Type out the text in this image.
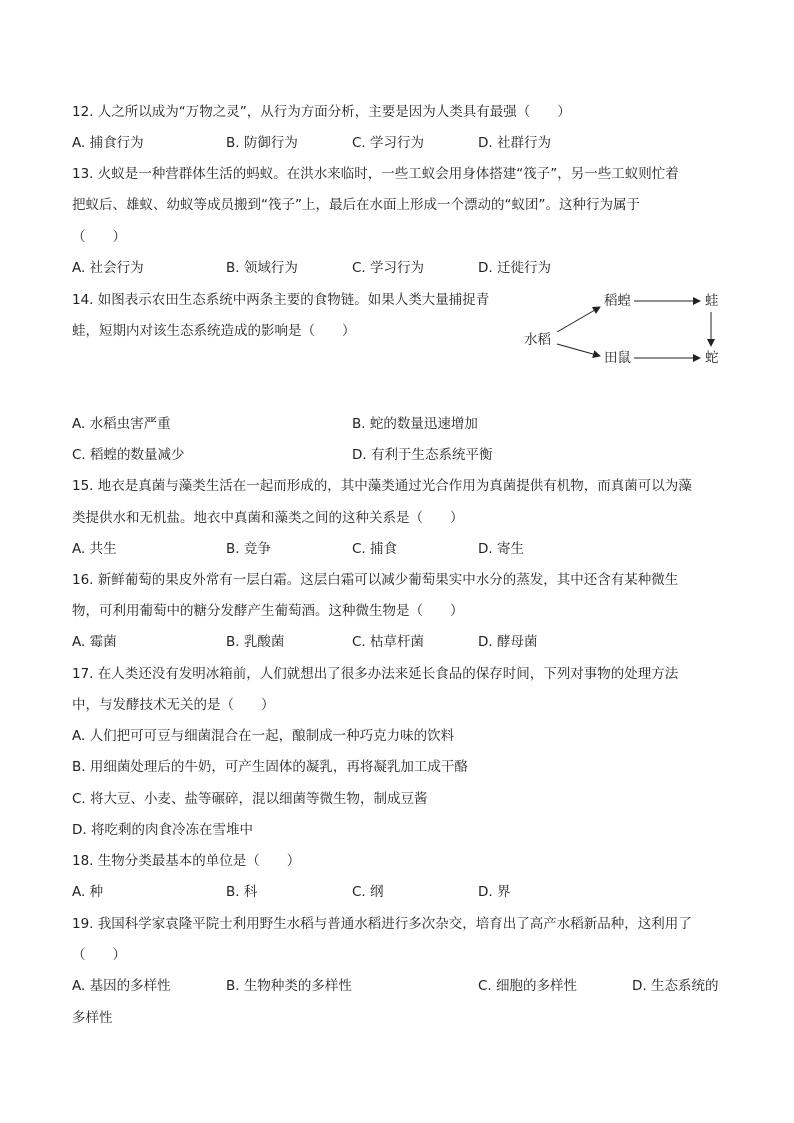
12. 人之所以成为“万物之灵”，从行为方面分析，主要是因为人类具有最强（　　）
A. 捕食行为	B. 防御行为	C. 学习行为	D. 社群行为
13. 火蚁是一种营群体生活的蚂蚁。在洪水来临时，一些工蚁会用身体搭建“筏子”，另一些工蚁则忙着
把蚁后、雄蚁、幼蚁等成员搬到“筏子”上，最后在水面上形成一个漂动的“蚁团”。这种行为属于
（　　）
A. 社会行为	B. 领域行为	C. 学习行为	D. 迁徙行为
14. 如图表示农田生态系统中两条主要的食物链。如果人类大量捕捉青
蛙，短期内对该生态系统造成的影响是（　　）
水稻
稻蝗	蛙
田鼠	蛇
A. 水稻虫害严重	B. 蛇的数量迅速增加
C. 稻蝗的数量减少	D. 有利于生态系统平衡
15. 地衣是真菌与藻类生活在一起而形成的，其中藻类通过光合作用为真菌提供有机物，而真菌可以为藻
类提供水和无机盐。地衣中真菌和藻类之间的这种关系是（　　）
A. 共生	B. 竞争	C. 捕食	D. 寄生
16. 新鲜葡萄的果皮外常有一层白霜。这层白霜可以减少葡萄果实中水分的蒸发，其中还含有某种微生
物，可利用葡萄中的糖分发酵产生葡萄酒。这种微生物是（　　）
A. 霉菌	B. 乳酸菌	C. 枯草杆菌	D. 酵母菌
17. 在人类还没有发明冰箱前，人们就想出了很多办法来延长食品的保存时间，下列对事物的处理方法
中，与发酵技术无关的是（　　）
A. 人们把可可豆与细菌混合在一起，酿制成一种巧克力味的饮料
B. 用细菌处理后的牛奶，可产生固体的凝乳，再将凝乳加工成干酪
C. 将大豆、小麦、盐等碾碎，混以细菌等微生物，制成豆酱
D. 将吃剩的肉食冷冻在雪堆中
18. 生物分类最基本的单位是（　　）
A. 种	B. 科	C. 纲	D. 界
19. 我国科学家袁隆平院士利用野生水稻与普通水稻进行多次杂交，培育出了高产水稻新品种，这利用了
（　　）
A. 基因的多样性	B. 生物种类的多样性	C. 细胞的多样性	D. 生态系统的
多样性
